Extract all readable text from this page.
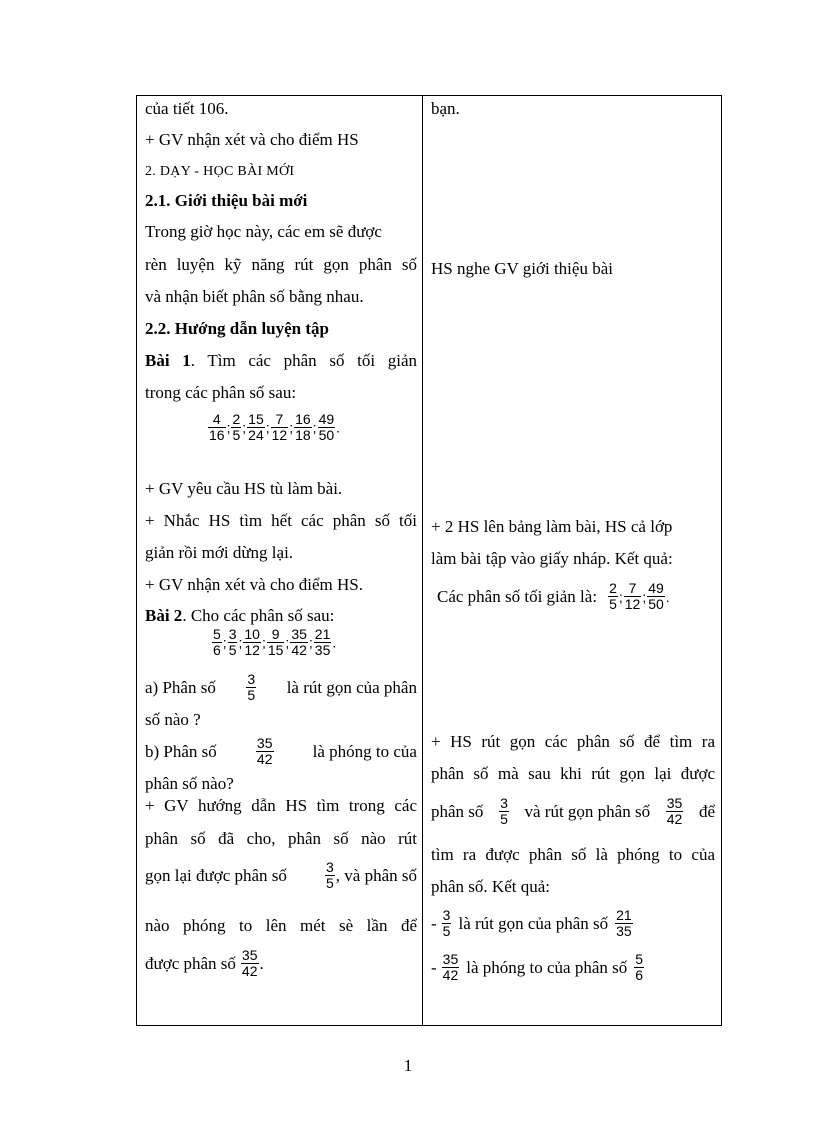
của tiết 106.
+ GV nhận xét và cho điểm HS
2. DẠY - HỌC BÀI MỚI
2.1. Giới thiệu bài mới
Trong giờ học này, các em sẽ được
rèn luyện kỹ năng rút gọn phân số
và nhận biết phân số bằng nhau.
2.2. Hướng dẫn luyện tập
Bài 1. Tìm các phân số tối giản
trong các phân số sau:
$\frac{4}{16}$ ; $\frac{2}{5}$ ; $\frac{15}{24}$ ; $\frac{7}{12}$ ; $\frac{16}{18}$ ; $\frac{49}{50}$ .
+ GV yêu cầu HS tù làm bài.
+ Nhắc HS tìm hết các phân số tối
giản rồi mới dừng lại.
+ GV nhận xét và cho điểm HS.
Bài 2. Cho các phân số sau:
$\frac{5}{6}$ ; $\frac{3}{5}$ ; $\frac{10}{12}$ ; $\frac{9}{15}$ ; $\frac{35}{42}$ ; $\frac{21}{35}$ .
a) Phân số $\frac{3}{5}$ là rút gọn của phân
số nào ?
b) Phân số	$\frac{35}{42}$ là phóng to của
phân số nào?
+ GV hướng dẫn HS tìm trong các
phân số đã cho, phân số nào rút
gọn lại được phân số	$\frac{3}{5}$ , và phân số
nào phóng to lên mét sè lần để
được phân số $\frac{35}{42}$ .
bạn.
HS nghe GV giới thiệu bài
+ 2 HS lên bảng làm bài, HS cả lớp
làm bài tập vào giấy nháp. Kết quả:
Các phân số tối giản là: $\frac{2}{5}$ ; $\frac{7}{12}$ ; $\frac{49}{50}$ .
+ HS rút gọn các phân số để tìm ra
phân số mà sau khi rút gọn lại được
phân số $\frac{3}{5}$ và rút gọn phân số $\frac{35}{42}$ để
tìm ra được phân số là phóng to của
phân số. Kết quả:
- $\frac{3}{5}$ là rút gọn của phân số $\frac{21}{35}$
- $\frac{35}{42}$ là phóng to của phân số $\frac{5}{6}$
1
